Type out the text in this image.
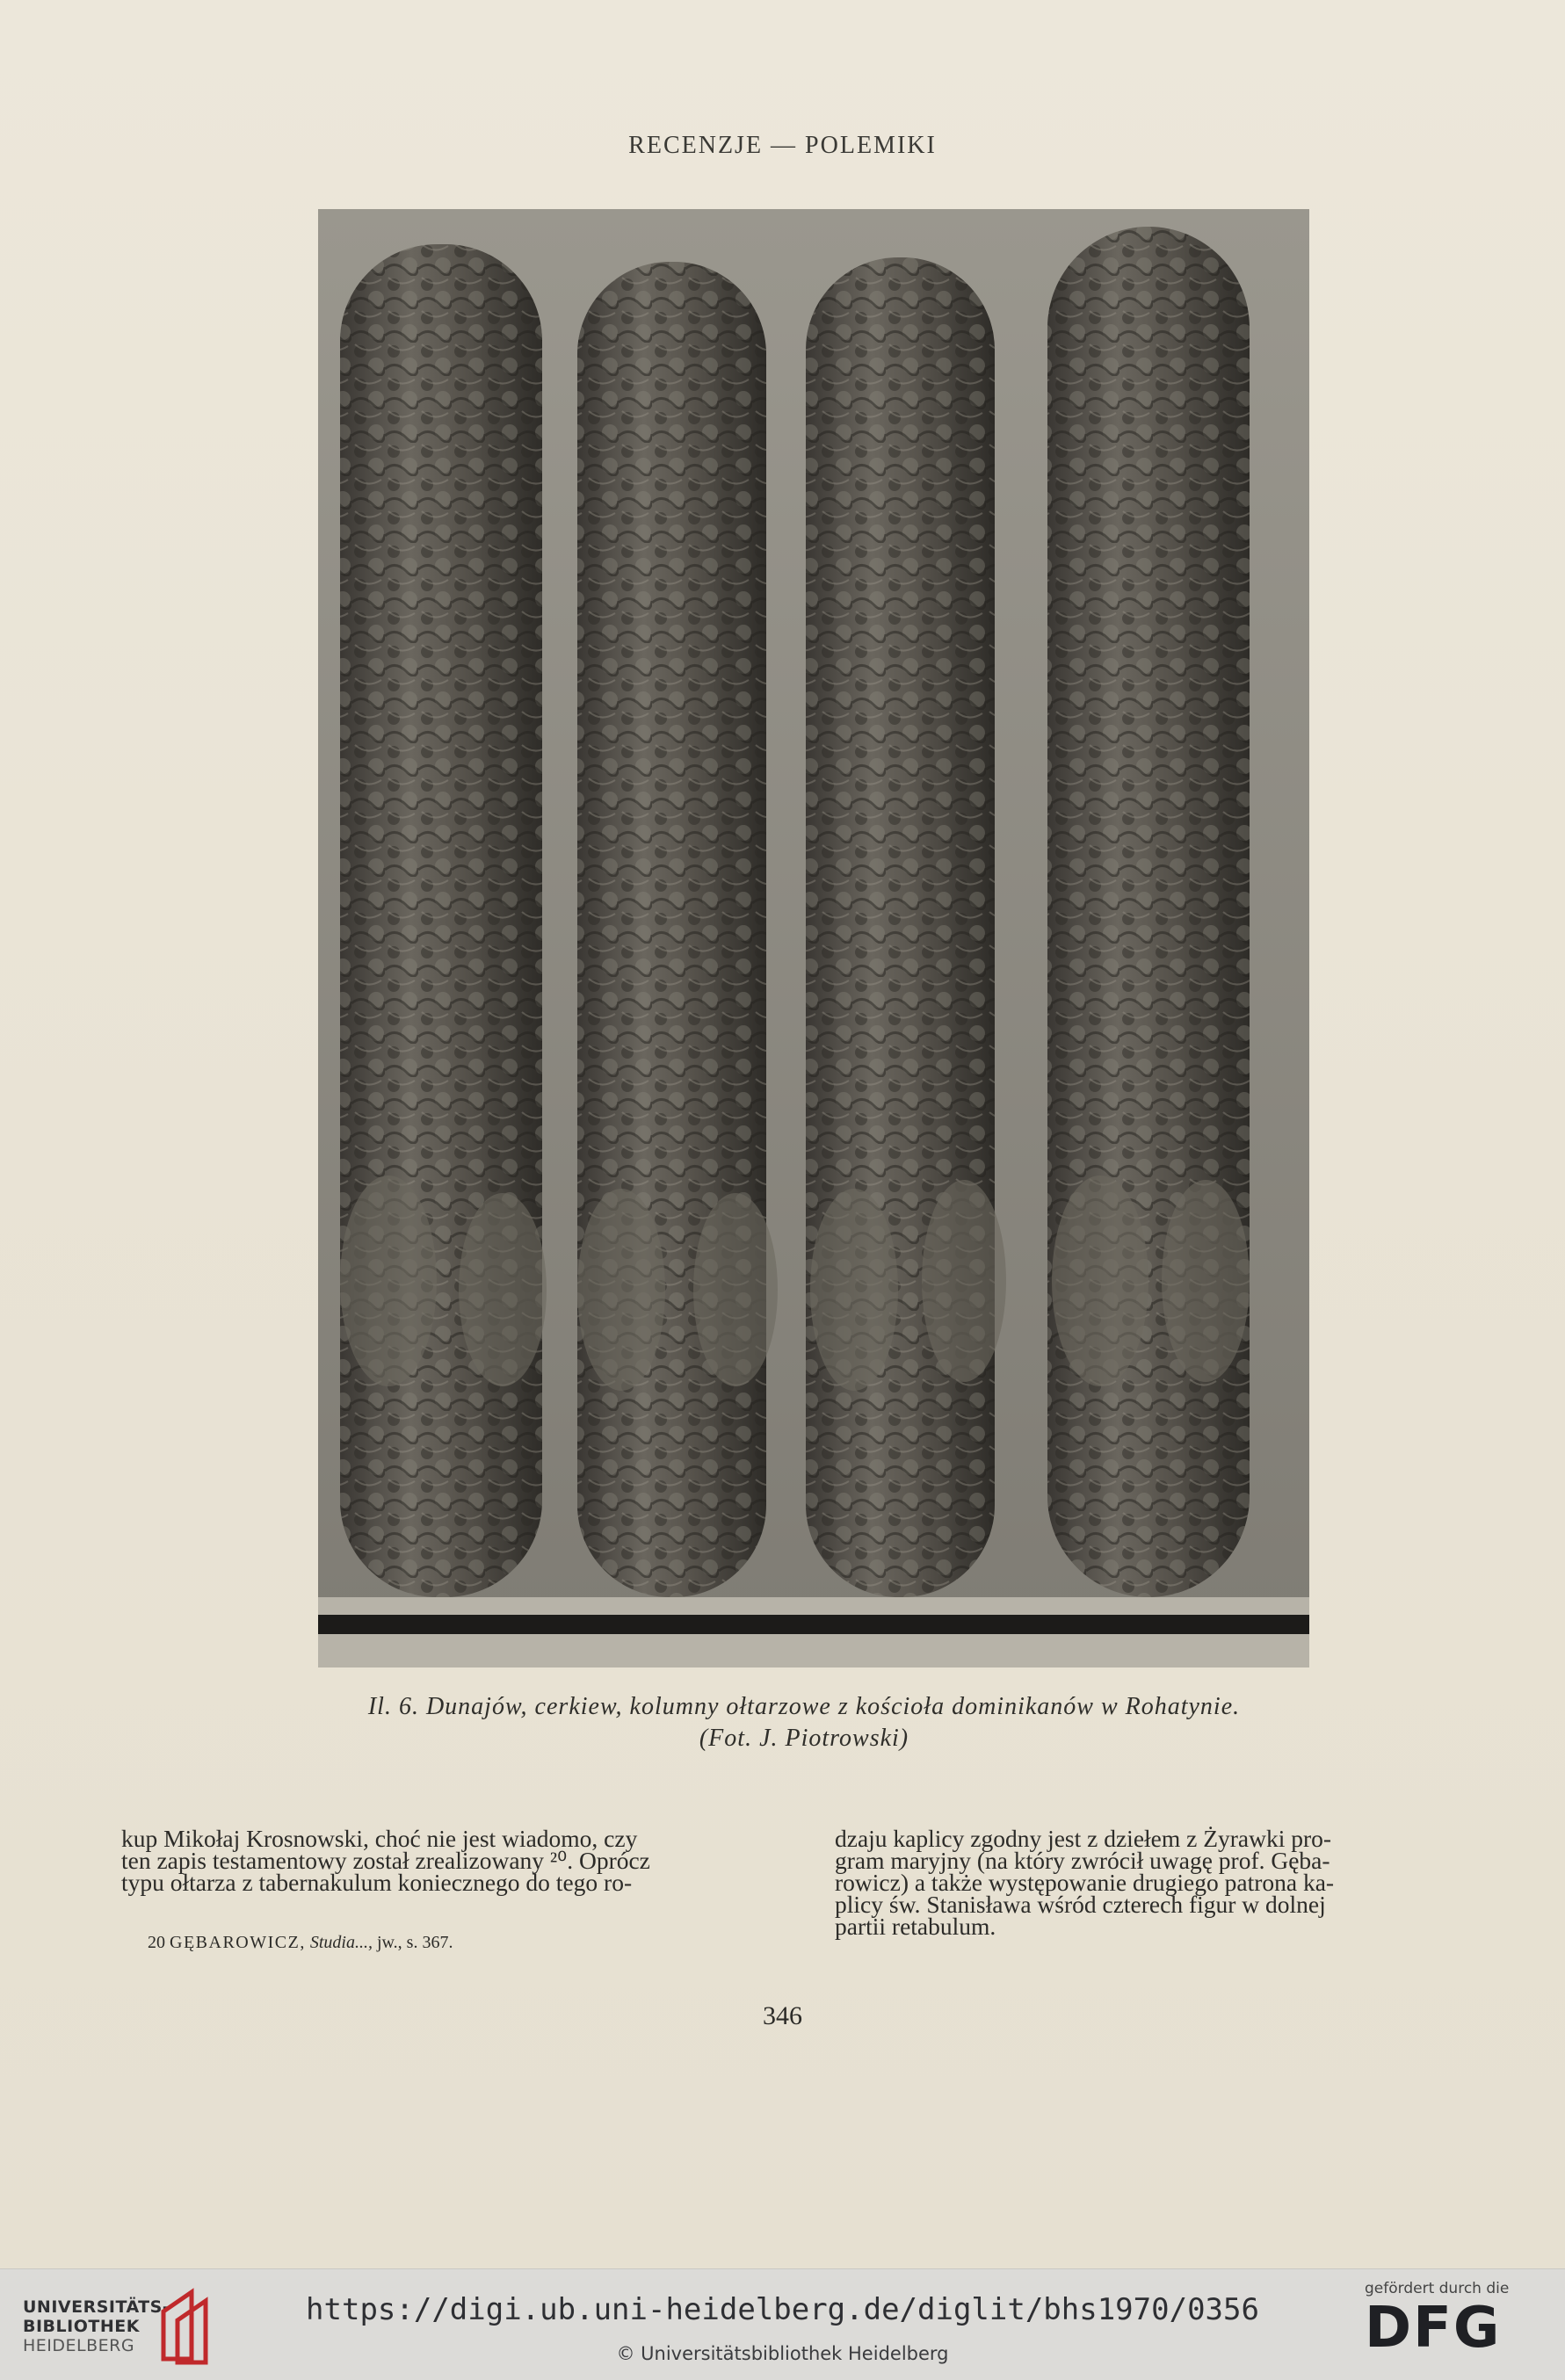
RECENZJE — POLEMIKI
Il. 6. Dunajów, cerkiew, kolumny ołtarzowe z kościoła dominikanów w Rohatynie.
(Fot. J. Piotrowski)

kup Mikołaj Krosnowski, choć nie jest wiadomo, czy

ten zapis testamentowy został zrealizowany ²⁰. Oprócz

typu ołtarza z tabernakulum koniecznego do tego ro-

20 GĘBAROWICZ, Studia..., jw., s. 367.

dzaju kaplicy zgodny jest z dziełem z Żyrawki pro-

gram maryjny (na który zwrócił uwagę prof. Gęba-

rowicz) a także występowanie drugiego patrona ka-

plicy św. Stanisława wśród czterech figur w dolnej

partii retabulum.

346
UNIVERSITÄTS-
BIBLIOTHEK
HEIDELBERG
https://digi.ub.uni-heidelberg.de/diglit/bhs1970/0356
© Universitätsbibliothek Heidelberg
gefördert durch die
DFG
